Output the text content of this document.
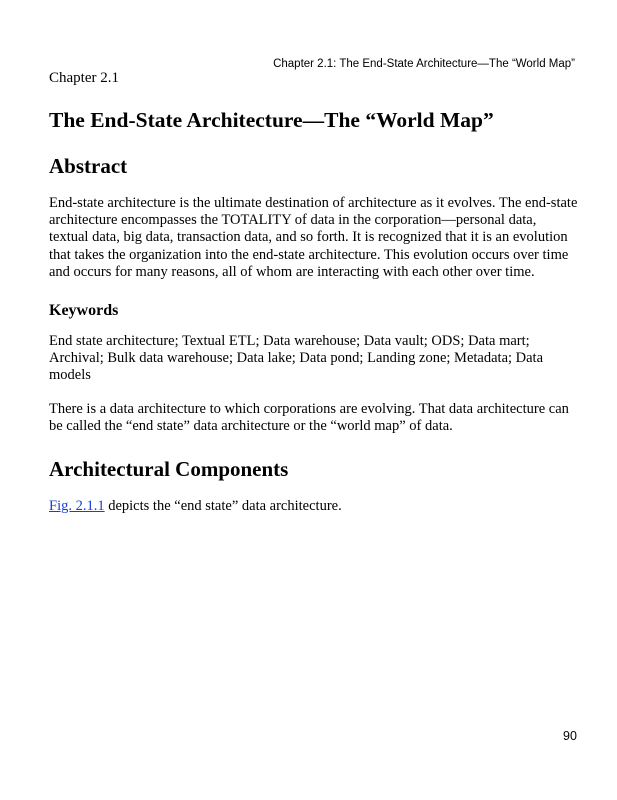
Chapter 2.1: The End-State Architecture—The “World Map”

Chapter 2.1

The End-State Architecture—The “World Map”
Abstract

End-state architecture is the ultimate destination of architecture as it evolves. The end-state architecture encompasses the TOTALITY of data in the corporation—personal data, textual data, big data, transaction data, and so forth. It is recognized that it is an evolution that takes the organization into the end-state architecture. This evolution occurs over time and occurs for many reasons, all of whom are interacting with each other over time.

Keywords

End state architecture; Textual ETL; Data warehouse; Data vault; ODS; Data mart; Archival; Bulk data warehouse; Data lake; Data pond; Landing zone; Metadata; Data models

There is a data architecture to which corporations are evolving. That data architecture can be called the “end state” data architecture or the “world map” of data.

Architectural Components

Fig. 2.1.1 depicts the “end state” data architecture.

90
